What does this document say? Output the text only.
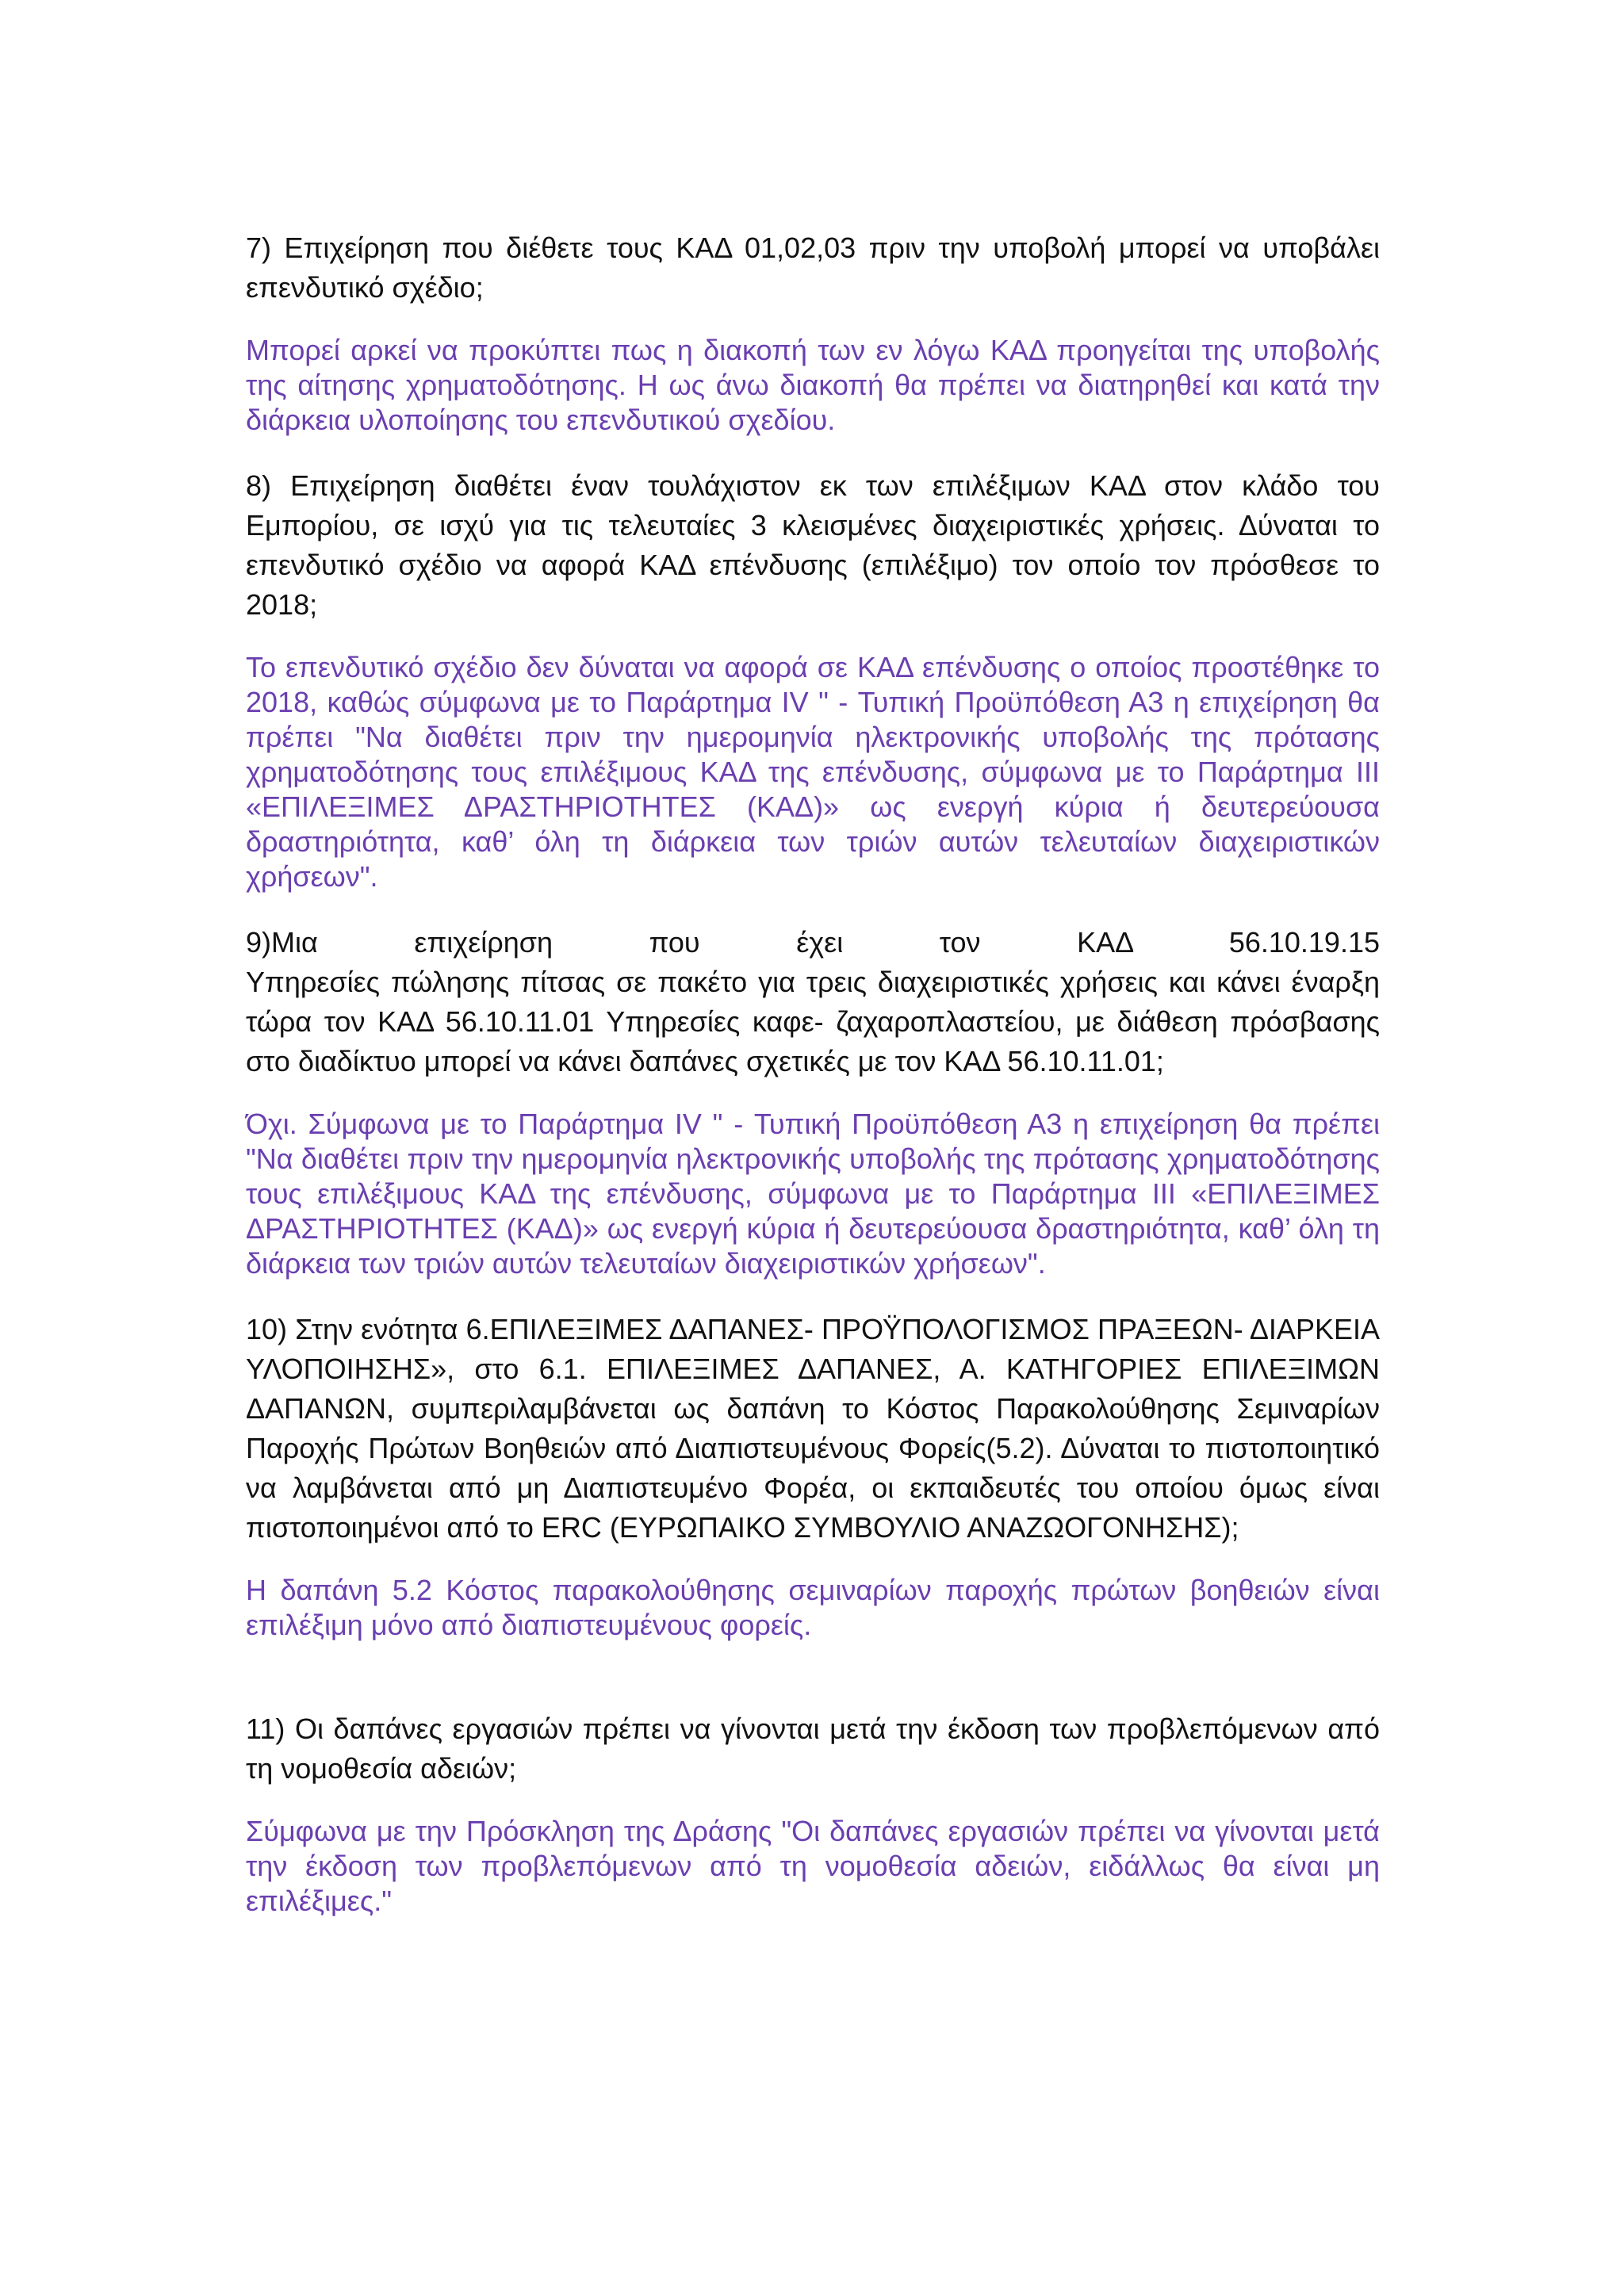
7) Επιχείρηση που διέθετε τους ΚΑΔ 01,02,03 πριν την υποβολή μπορεί να υποβάλει επενδυτικό σχέδιο;

Μπορεί αρκεί να προκύπτει πως η διακοπή των εν λόγω ΚΑΔ προηγείται της υποβολής της αίτησης χρηματοδότησης. Η ως άνω διακοπή θα πρέπει να διατηρηθεί και κατά την διάρκεια υλοποίησης του επενδυτικού σχεδίου.

8) Επιχείρηση διαθέτει έναν τουλάχιστον εκ των επιλέξιμων ΚΑΔ στον κλάδο του Εμπορίου, σε ισχύ για τις τελευταίες 3 κλεισμένες διαχειριστικές χρήσεις. Δύναται το επενδυτικό σχέδιο να αφορά ΚΑΔ επένδυσης (επιλέξιμο) τον οποίο τον πρόσθεσε το 2018;

Το επενδυτικό σχέδιο δεν δύναται να αφορά σε ΚΑΔ επένδυσης ο οποίος προστέθηκε το 2018, καθώς σύμφωνα με το Παράρτημα IV " - Τυπική Προϋπόθεση Α3 η επιχείρηση θα πρέπει "Να διαθέτει πριν την ημερομηνία ηλεκτρονικής υποβολής της πρότασης χρηματοδότησης τους επιλέξιμους ΚΑΔ της επένδυσης, σύμφωνα με το Παράρτημα ΙΙΙ «ΕΠΙΛΕΞΙΜΕΣ ΔΡΑΣΤΗΡΙΟΤΗΤΕΣ (ΚΑΔ)» ως ενεργή κύρια ή δευτερεύουσα δραστηριότητα, καθ’ όλη τη διάρκεια των τριών αυτών τελευταίων διαχειριστικών χρήσεων".

9)Μια επιχείρηση που έχει τον ΚΑΔ 56.10.19.15
Υπηρεσίες πώλησης πίτσας σε πακέτο για τρεις διαχειριστικές χρήσεις και κάνει έναρξη τώρα τον ΚΑΔ 56.10.11.01 Υπηρεσίες καφε- ζαχαροπλαστείου, με διάθεση πρόσβασης στο διαδίκτυο μπορεί να κάνει δαπάνες σχετικές με τον ΚΑΔ 56.10.11.01;

Όχι. Σύμφωνα με το Παράρτημα IV " - Τυπική Προϋπόθεση Α3 η επιχείρηση θα πρέπει "Να διαθέτει πριν την ημερομηνία ηλεκτρονικής υποβολής της πρότασης χρηματοδότησης τους επιλέξιμους ΚΑΔ της επένδυσης, σύμφωνα με το Παράρτημα ΙΙΙ «ΕΠΙΛΕΞΙΜΕΣ ΔΡΑΣΤΗΡΙΟΤΗΤΕΣ (ΚΑΔ)» ως ενεργή κύρια ή δευτερεύουσα δραστηριότητα, καθ’ όλη τη διάρκεια των τριών αυτών τελευταίων διαχειριστικών χρήσεων".

10) Στην ενότητα 6.ΕΠΙΛΕΞΙΜΕΣ ΔΑΠΑΝΕΣ- ΠΡΟΫΠΟΛΟΓΙΣΜΟΣ ΠΡΑΞΕΩΝ- ΔΙΑΡΚΕΙΑ ΥΛΟΠΟΙΗΣΗΣ», στο 6.1. ΕΠΙΛΕΞΙΜΕΣ ΔΑΠΑΝΕΣ, Α. ΚΑΤΗΓΟΡΙΕΣ ΕΠΙΛΕΞΙΜΩΝ ΔΑΠΑΝΩΝ, συμπεριλαμβάνεται ως δαπάνη το Κόστος Παρακολούθησης Σεμιναρίων Παροχής Πρώτων Βοηθειών από Διαπιστευμένους Φορείς(5.2). Δύναται το πιστοποιητικό να λαμβάνεται από μη Διαπιστευμένο Φορέα, οι εκπαιδευτές του οποίου όμως είναι πιστοποιημένοι από το ERC (ΕΥΡΩΠΑΙΚΟ ΣΥΜΒΟΥΛΙΟ ΑΝΑΖΩΟΓΟΝΗΣΗΣ);

Η δαπάνη 5.2 Κόστος παρακολούθησης σεμιναρίων παροχής πρώτων βοηθειών είναι επιλέξιμη μόνο από διαπιστευμένους φορείς.

11) Οι δαπάνες εργασιών πρέπει να γίνονται μετά την έκδοση των προβλεπόμενων από τη νομοθεσία αδειών;

Σύμφωνα με την Πρόσκληση της Δράσης "Οι δαπάνες εργασιών πρέπει να γίνονται μετά την έκδοση των προβλεπόμενων από τη νομοθεσία αδειών, ειδάλλως θα είναι μη επιλέξιμες."
